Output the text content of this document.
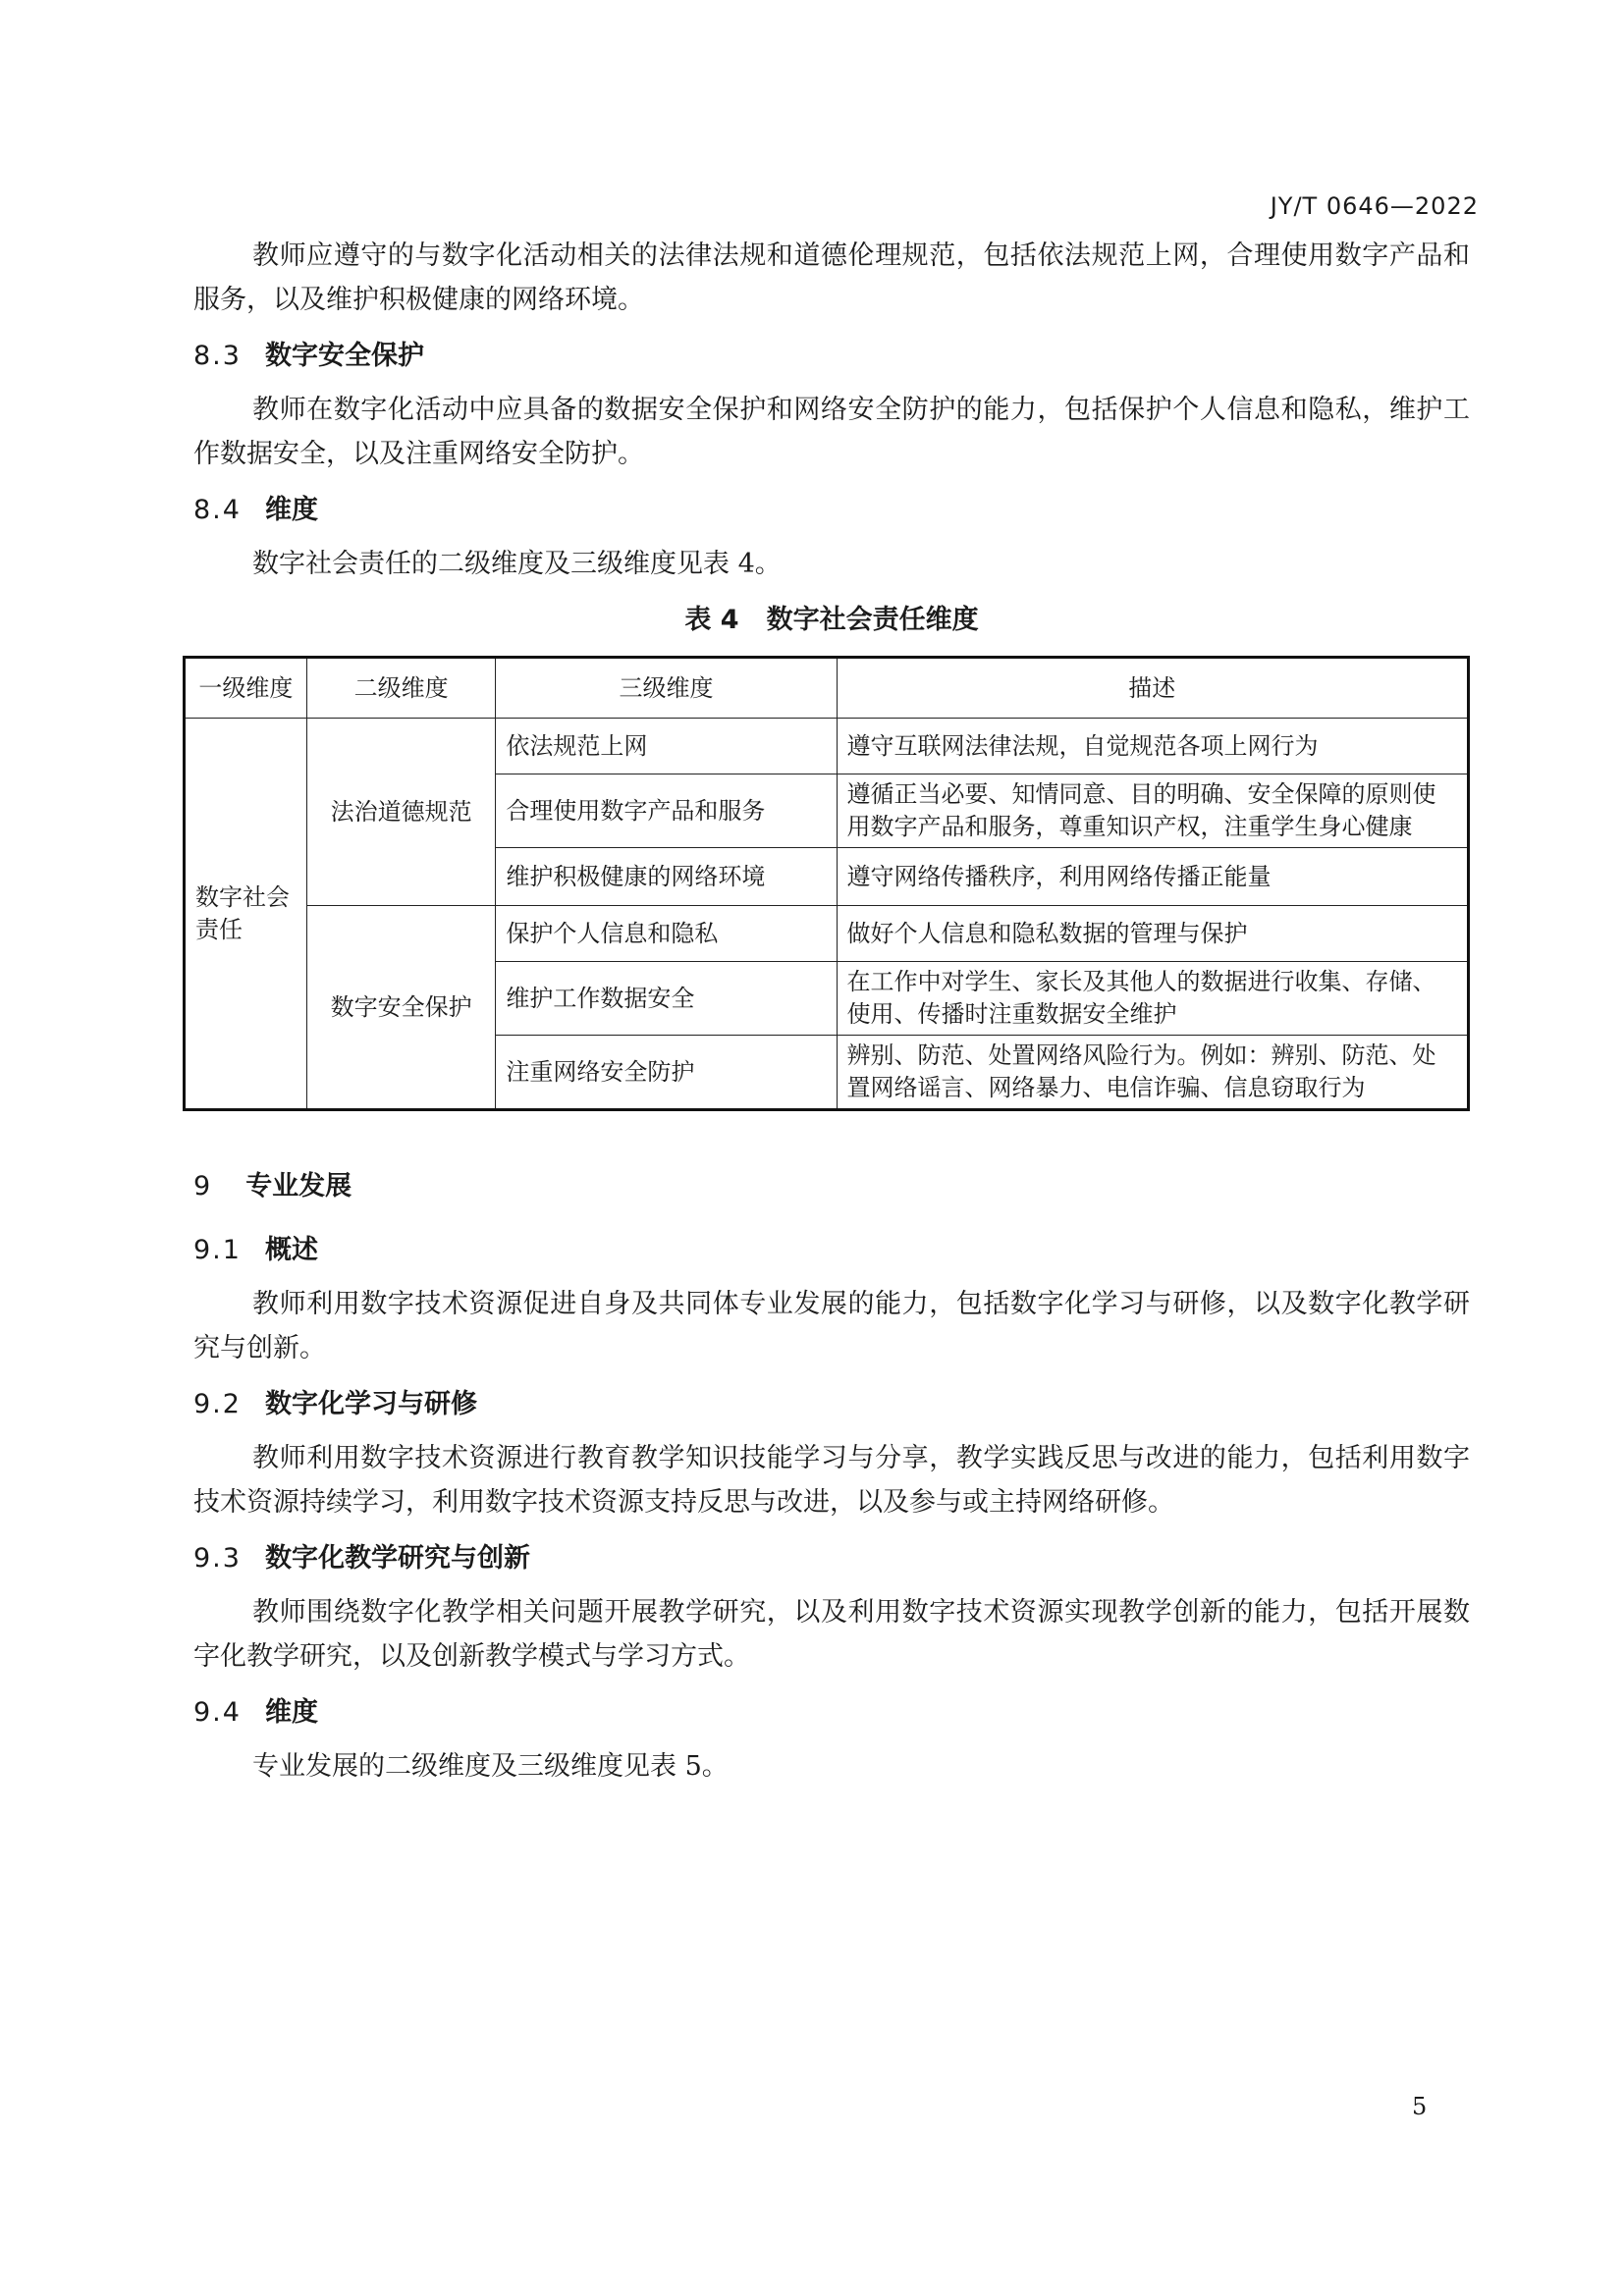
JY/T 0646—2022

教师应遵守的与数字化活动相关的法律法规和道德伦理规范，包括依法规范上网，合理使用数字产品和服务，以及维护积极健康的网络环境。

8.3 数字安全保护

教师在数字化活动中应具备的数据安全保护和网络安全防护的能力，包括保护个人信息和隐私，维护工作数据安全，以及注重网络安全防护。

8.4 维度

数字社会责任的二级维度及三级维度见表 4。

表 4 数字社会责任维度
一级维度	二级维度	三级维度	描述
数字社会责任	法治道德规范	依法规范上网	遵守互联网法律法规，自觉规范各项上网行为
		合理使用数字产品和服务	遵循正当必要、知情同意、目的明确、安全保障的原则使用数字产品和服务，尊重知识产权，注重学生身心健康
		维护积极健康的网络环境	遵守网络传播秩序，利用网络传播正能量
	数字安全保护	保护个人信息和隐私	做好个人信息和隐私数据的管理与保护
		维护工作数据安全	在工作中对学生、家长及其他人的数据进行收集、存储、使用、传播时注重数据安全维护
		注重网络安全防护	辨别、防范、处置网络风险行为。例如：辨别、防范、处置网络谣言、网络暴力、电信诈骗、信息窃取行为
9 专业发展
9.1 概述

教师利用数字技术资源促进自身及共同体专业发展的能力，包括数字化学习与研修，以及数字化教学研究与创新。

9.2 数字化学习与研修

教师利用数字技术资源进行教育教学知识技能学习与分享，教学实践反思与改进的能力，包括利用数字技术资源持续学习，利用数字技术资源支持反思与改进，以及参与或主持网络研修。

9.3 数字化教学研究与创新

教师围绕数字化教学相关问题开展教学研究，以及利用数字技术资源实现教学创新的能力，包括开展数字化教学研究，以及创新教学模式与学习方式。

9.4 维度

专业发展的二级维度及三级维度见表 5。

5
